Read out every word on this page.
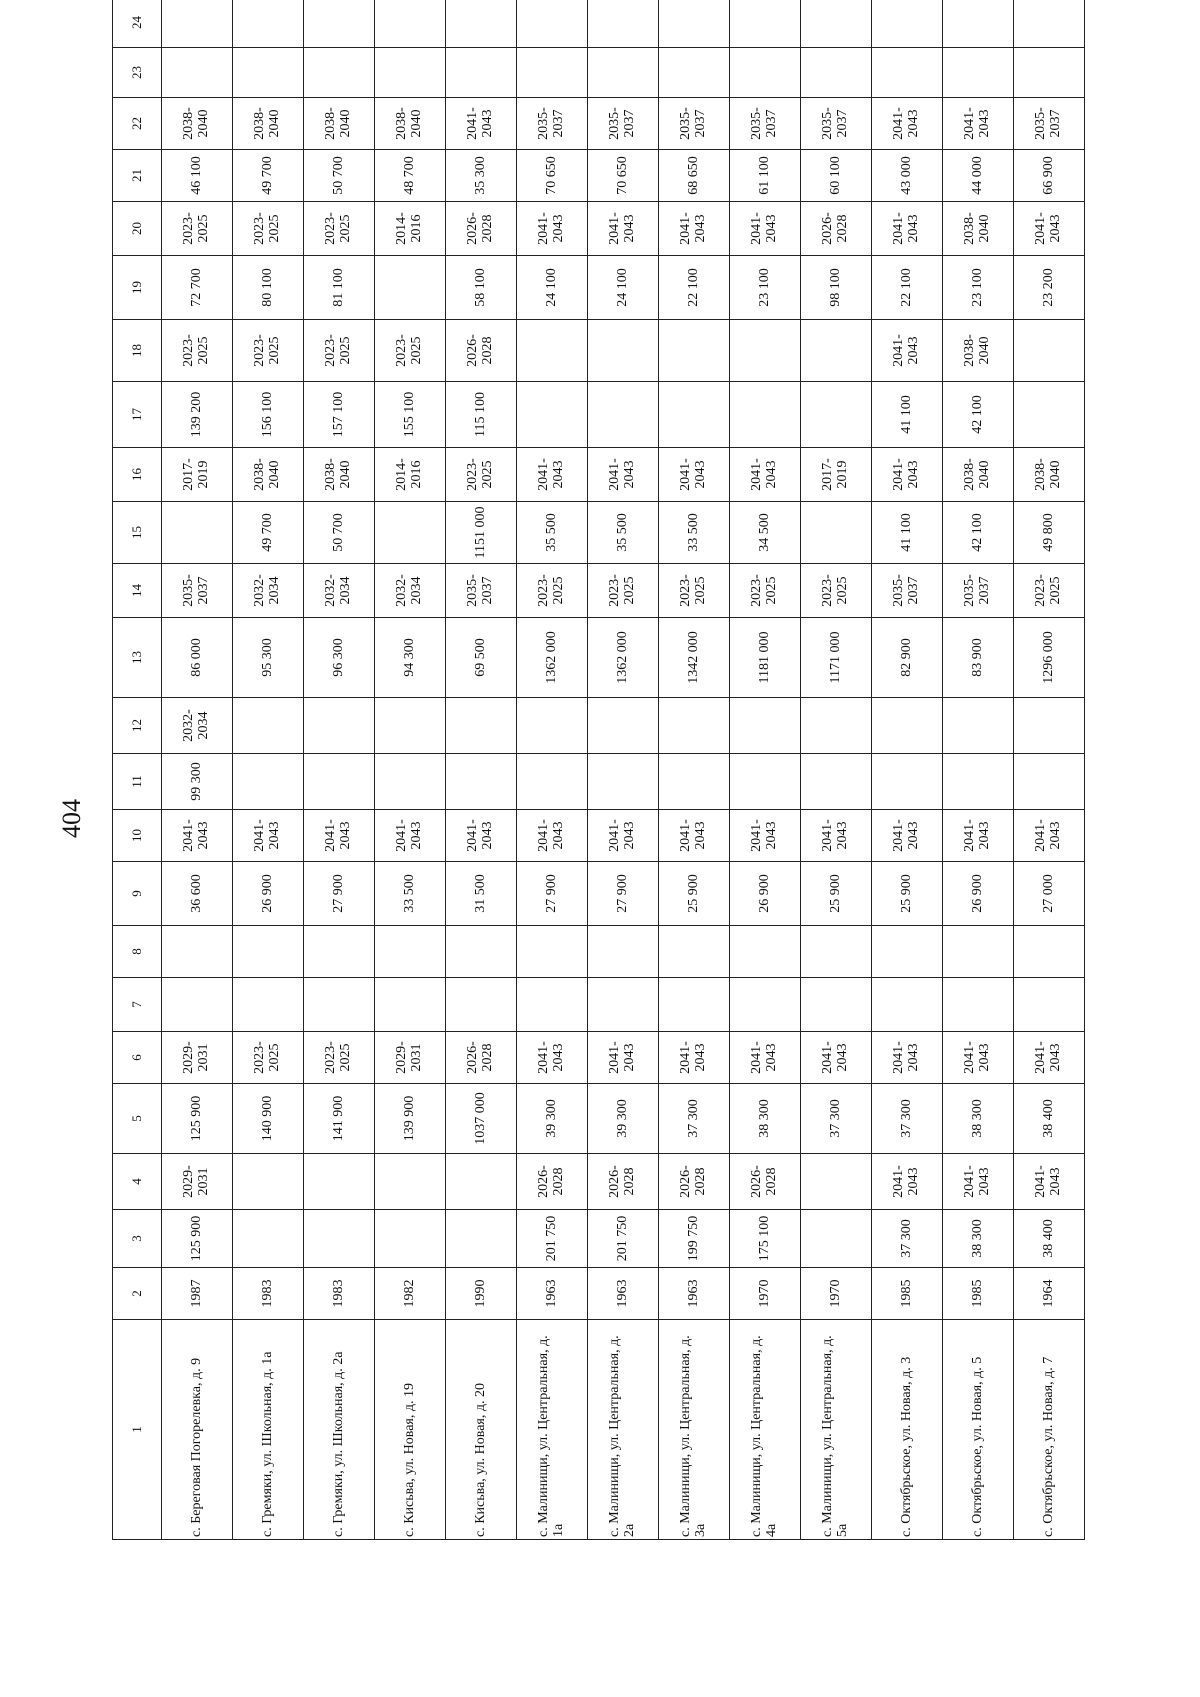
404
1	2	3	4	5	6	7	8	9	10	11	12	13	14	15	16	17	18	19	20	21	22	23	24
с. Береговая Погорелевка, д. 9	1987	125 900	2029-2031	125 900	2029-2031			36 600	2041-2043	99 300	2032-2034	86 000	2035-2037		2017-2019	139 200	2023-2025	72 700	2023-2025	46 100	2038-2040		
с. Гремяки, ул. Школьная, д. 1а	1983			140 900	2023-2025			26 900	2041-2043			95 300	2032-2034	49 700	2038-2040	156 100	2023-2025	80 100	2023-2025	49 700	2038-2040		
с. Гремяки, ул. Школьная, д. 2а	1983			141 900	2023-2025			27 900	2041-2043			96 300	2032-2034	50 700	2038-2040	157 100	2023-2025	81 100	2023-2025	50 700	2038-2040		
с. Кисьва, ул. Новая, д. 19	1982			139 900	2029-2031			33 500	2041-2043			94 300	2032-2034		2014-2016	155 100	2023-2025		2014-2016	48 700	2038-2040		
с. Кисьва, ул. Новая, д. 20	1990			1037 000	2026-2028			31 500	2041-2043			69 500	2035-2037	1151 000	2023-2025	115 100	2026-2028	58 100	2026-2028	35 300	2041-2043		
с. Малинищи, ул. Центральная, д. 1а	1963	201 750	2026-2028	39 300	2041-2043			27 900	2041-2043			1362 000	2023-2025	35 500	2041-2043			24 100	2041-2043	70 650	2035-2037		
с. Малинищи, ул. Центральная, д. 2а	1963	201 750	2026-2028	39 300	2041-2043			27 900	2041-2043			1362 000	2023-2025	35 500	2041-2043			24 100	2041-2043	70 650	2035-2037		
с. Малинищи, ул. Центральная, д. 3а	1963	199 750	2026-2028	37 300	2041-2043			25 900	2041-2043			1342 000	2023-2025	33 500	2041-2043			22 100	2041-2043	68 650	2035-2037		
с. Малинищи, ул. Центральная, д. 4а	1970	175 100	2026-2028	38 300	2041-2043			26 900	2041-2043			1181 000	2023-2025	34 500	2041-2043			23 100	2041-2043	61 100	2035-2037		
с. Малинищи, ул. Центральная, д. 5а	1970			37 300	2041-2043			25 900	2041-2043			1171 000	2023-2025		2017-2019			98 100	2026-2028	60 100	2035-2037		
с. Октябрьское, ул. Новая, д. 3	1985	37 300	2041-2043	37 300	2041-2043			25 900	2041-2043			82 900	2035-2037	41 100	2041-2043	41 100	2041-2043	22 100	2041-2043	43 000	2041-2043		
с. Октябрьское, ул. Новая, д. 5	1985	38 300	2041-2043	38 300	2041-2043			26 900	2041-2043			83 900	2035-2037	42 100	2038-2040	42 100	2038-2040	23 100	2038-2040	44 000	2041-2043		
с. Октябрьское, ул. Новая, д. 7	1964	38 400	2041-2043	38 400	2041-2043			27 000	2041-2043			1296 000	2023-2025	49 800	2038-2040			23 200	2041-2043	66 900	2035-2037		
